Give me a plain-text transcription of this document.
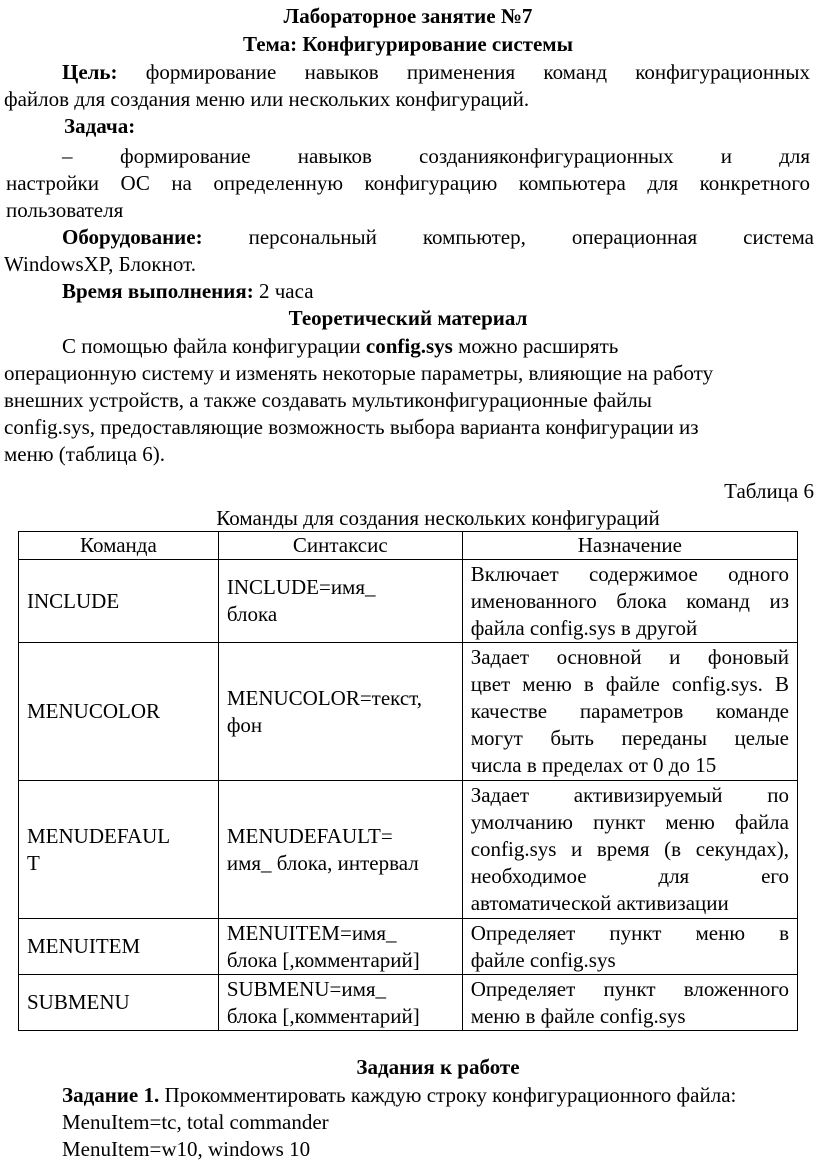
Лабораторное занятие №7
Тема: Конфигурирование системы
Цель: формирование навыков применения команд конфигурационных
файлов для создания меню или нескольких конфигураций.
Задача:
– формирование навыков созданияконфигурационных и для
настройки ОС на определенную конфигурацию компьютера для конкретного
пользователя
Оборудование: персональный компьютер, операционная система
WindowsXP, Блокнот.
Время выполнения: 2 часа
Теоретический материал
С помощью файла конфигурации config.sys можно расширять
операционную систему и изменять некоторые параметры, влияющие на работу
внешних устройств, а также создавать мультиконфигурационные файлы
config.sys, предоставляющие возможность выбора варианта конфигурации из
меню (таблица 6).
Таблица 6
Команды для создания нескольких конфигураций
Команда	Синтаксис	Назначение
INCLUDE	INCLUDE=имя_
блока	Включает содержимое одного
именованного блока команд из
файла config.sys в другой

MENUCOLOR	MENUCOLOR=текст,
фон	Задает основной и фоновый
цвет меню в файле config.sys. В
качестве параметров команде
могут быть переданы целые
числа в пределах от 0 до 15

MENUDEFAUL
T	MENUDEFAULT=
имя_ блока, интервал	Задает активизируемый по
умолчанию пункт меню файла
config.sys и время (в секундах),
необходимое для его
автоматической активизации

MENUITEM	MENUITEM=имя_
блока [,комментарий]	Определяет пункт меню в
файле config.sys

SUBMENU	SUBMENU=имя_
блока [,комментарий]	Определяет пункт вложенного
меню в файле config.sys
Задания к работе
Задание 1. Прокомментировать каждую строку конфигурационного файла:
MenuItem=tc, total commander
MenuItem=w10, windows 10
